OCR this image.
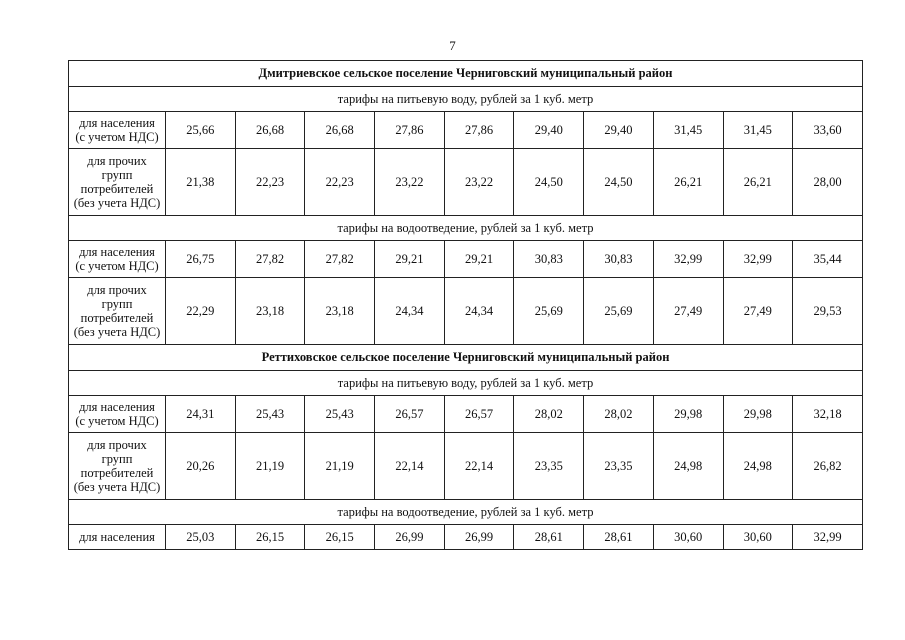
7
Дмитриевское сельское поселение Черниговский муниципальный район										
тарифы на питьевую воду, рублей за 1 куб. метр										
для населения
(с учетом НДС)	25,66	26,68	26,68	27,86	27,86	29,40	29,40	31,45	31,45	33,60
для прочих
групп
потребителей
(без учета НДС)	21,38	22,23	22,23	23,22	23,22	24,50	24,50	26,21	26,21	28,00
тарифы на водоотведение, рублей за 1 куб. метр										
для населения
(с учетом НДС)	26,75	27,82	27,82	29,21	29,21	30,83	30,83	32,99	32,99	35,44
для прочих
групп
потребителей
(без учета НДС)	22,29	23,18	23,18	24,34	24,34	25,69	25,69	27,49	27,49	29,53
Реттиховское сельское поселение Черниговский муниципальный район										
тарифы на питьевую воду, рублей за 1 куб. метр										
для населения
(с учетом НДС)	24,31	25,43	25,43	26,57	26,57	28,02	28,02	29,98	29,98	32,18
для прочих
групп
потребителей
(без учета НДС)	20,26	21,19	21,19	22,14	22,14	23,35	23,35	24,98	24,98	26,82
тарифы на водоотведение, рублей за 1 куб. метр										
для населения	25,03	26,15	26,15	26,99	26,99	28,61	28,61	30,60	30,60	32,99
